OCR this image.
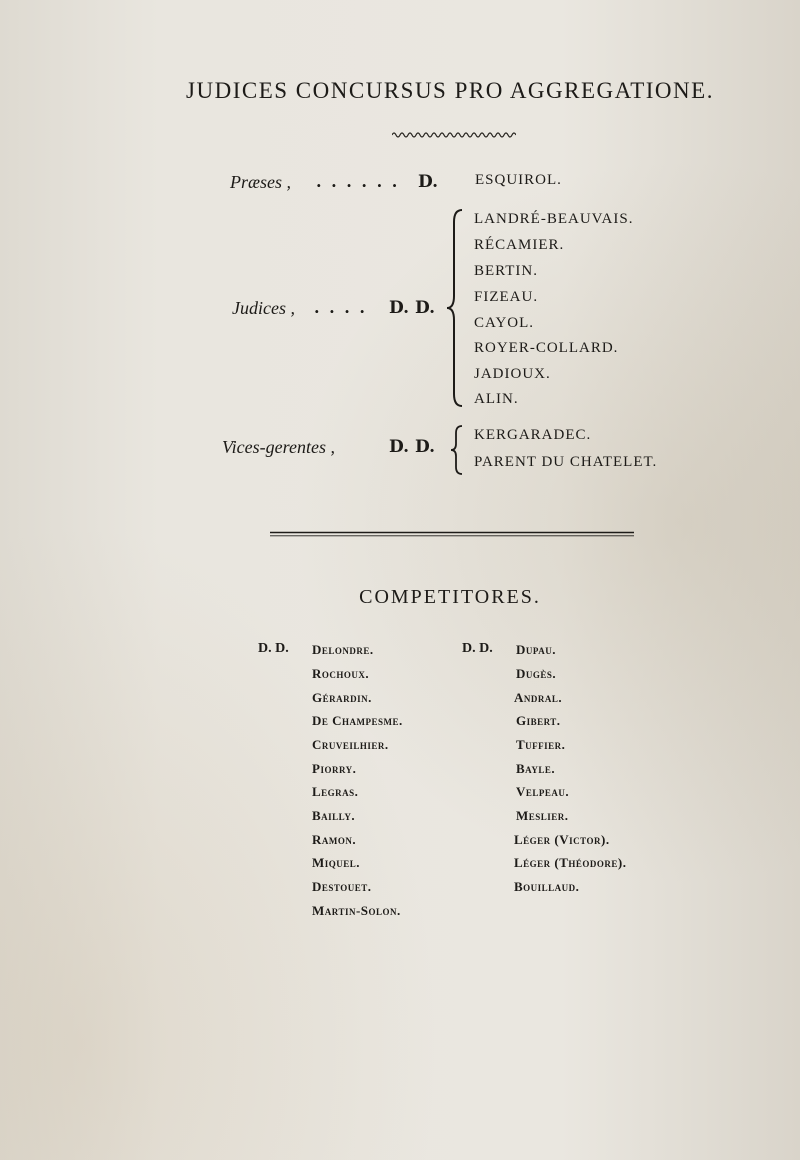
JUDICES CONCURSUS PRO AGGREGATIONE.
Præses , . . . . . . D. ESQUIROL.
Judices , . . . . D. D.
LANDRÉ-BEAUVAIS.
RÉCAMIER.
BERTIN.
FIZEAU.
CAYOL.
ROYER-COLLARD.
JADIOUX.
ALIN.
Vices-gerentes ,	D. D.
KERGARADEC.
PARENT DU CHATELET.
COMPETITORES.
D. D.	D. D.
Delondre.
Rochoux.
Gérardin.
De Champesme.
Cruveilhier.
Piorry.
Legras.
Bailly.
Ramon.
Miquel.
Destouet.
Martin-Solon.
Dupau.
Dugès.
Andral.
Gibert.
Tuffier.
Bayle.
Velpeau.
Meslier.
Léger (Victor).
Léger (Théodore).
Bouillaud.
